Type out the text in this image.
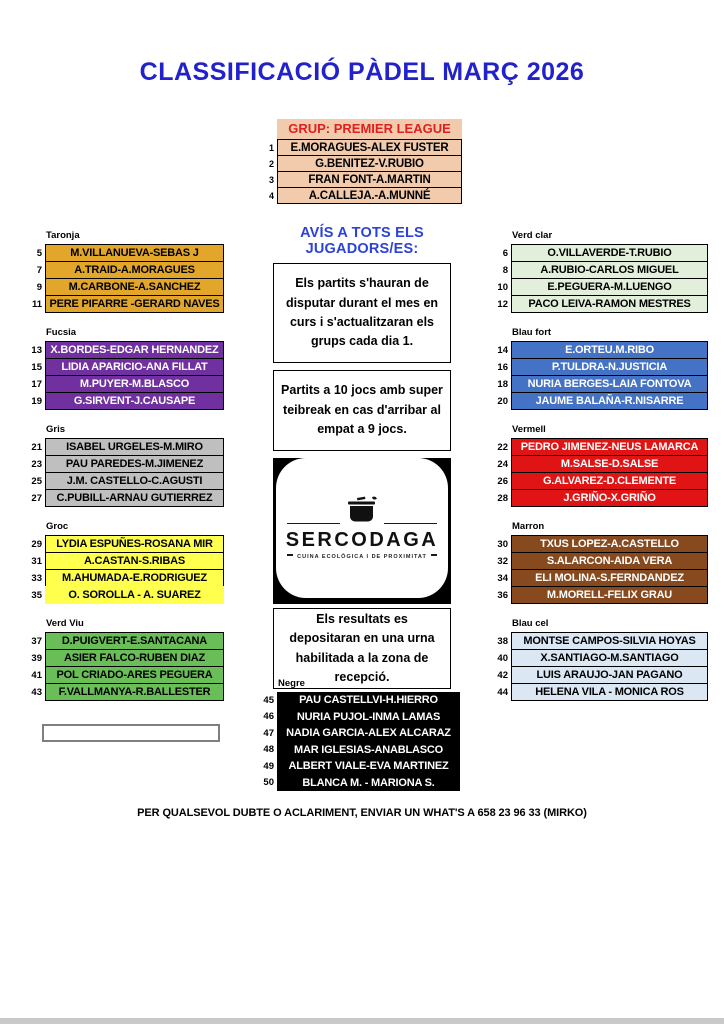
CLASSIFICACIÓ PÀDEL MARÇ 2026
GRUP: PREMIER LEAGUE
1	E.MORAGUES-ALEX FUSTER
2	G.BENITEZ-V.RUBIO
3	FRAN FONT-A.MARTIN
4	A.CALLEJA.-A.MUNNÉ
Taronja
5	M.VILLANUEVA-SEBAS J
7	A.TRAID-A.MORAGUES
9	M.CARBONE-A.SANCHEZ
11 PERE PIFARRE -GERARD NAVES
Fucsia
13 X.BORDES-EDGAR HERNANDEZ
15	LIDIA APARICIO-ANA FILLAT
17	M.PUYER-M.BLASCO
19	G.SIRVENT-J.CAUSAPE
Gris
21	ISABEL URGELES-M.MIRO
23	PAU PAREDES-M.JIMENEZ
25	J.M. CASTELLO-C.AGUSTI
27	C.PUBILL-ARNAU GUTIERREZ
Groc
29	LYDIA ESPUÑES-ROSANA MIR
31	A.CASTAN-S.RIBAS
33	M.AHUMADA-E.RODRIGUEZ
35	O. SOROLLA - A. SUAREZ
Verd Viu
37	D.PUIGVERT-E.SANTACANA
39	ASIER FALCO-RUBEN DIAZ
41	POL CRIADO-ARES PEGUERA
43	F.VALLMANYA-R.BALLESTER
Verd clar
6	O.VILLAVERDE-T.RUBIO
8	A.RUBIO-CARLOS MIGUEL
10	E.PEGUERA-M.LUENGO
12	PACO LEIVA-RAMON MESTRES
Blau fort
14	E.ORTEU.M.RIBO
16	P.TULDRA-N.JUSTICIA
18	NURIA BERGES-LAIA FONTOVA
20	JAUME BALAÑA-R.NISARRE
Vermell
22	PEDRO JIMENEZ-NEUS LAMARCA
24	M.SALSE-D.SALSE
26	G.ALVAREZ-D.CLEMENTE
28	J.GRIÑO-X.GRIÑO
Marron
30	TXUS LOPEZ-A.CASTELLO
32	S.ALARCON-AIDA VERA
34	ELI MOLINA-S.FERNDANDEZ
36	M.MORELL-FELIX GRAU
Blau cel
38	MONTSE CAMPOS-SILVIA HOYAS
40	X.SANTIAGO-M.SANTIAGO
42	LUIS ARAUJO-JAN PAGANO
44	HELENA VILA - MONICA ROS
AVÍS A TOTS ELS JUGADORS/ES:
Els partits s'hauran de disputar durant el mes en curs i s'actualitzaran els grups cada dia 1.
Partits a 10 jocs amb super teibreak en cas d'arribar al empat a 9 jocs.
SERCODAGA
CUINA ECOLÒGICA I DE PROXIMITAT
Els resultats es depositaran en una urna habilitada a la zona de recepció.
Negre
45	PAU CASTELLVI-H.HIERRO
46	NURIA PUJOL-INMA LAMAS
47	NADIA GARCIA-ALEX ALCARAZ
48	MAR IGLESIAS-ANABLASCO
49	ALBERT VIALE-EVA MARTINEZ
50	BLANCA M. - MARIONA S.
PER QUALSEVOL DUBTE O ACLARIMENT, ENVIAR UN WHAT'S A 658 23 96 33 (MIRKO)
